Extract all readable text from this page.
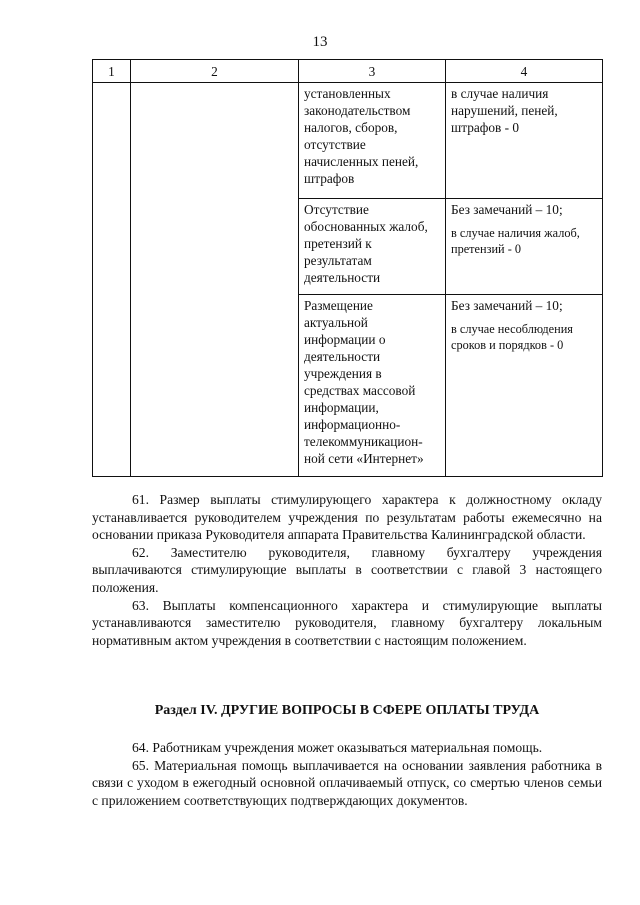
13
1	2	3	4
		установленных законодательством налогов, сборов, отсутствие начисленных пеней, штрафов	в случае наличия нарушений, пеней, штрафов - 0
		Отсутствие обоснованных жалоб, претензий к результатам деятельности	Без замечаний – 10;
в случае наличия жалоб, претензий - 0

		Размещение актуальной информации о деятельности учреждения в средствах массовой информации, информационно-телекоммуникацион-ной сети «Интернет»	Без замечаний – 10;
в случае несоблюдения сроков и порядков - 0

61. Размер выплаты стимулирующего характера к должностному окладу устанавливается руководителем учреждения по результатам работы ежемесячно на основании приказа Руководителя аппарата Правительства Калининградской области.

62. Заместителю руководителя, главному бухгалтеру учреждения выплачиваются стимулирующие выплаты в соответствии с главой 3 настоящего положения.

63. Выплаты компенсационного характера и стимулирующие выплаты устанавливаются заместителю руководителя, главному бухгалтеру локальным нормативным актом учреждения в соответствии с настоящим положением.

Раздел IV. ДРУГИЕ ВОПРОСЫ В СФЕРЕ ОПЛАТЫ ТРУДА

64. Работникам учреждения может оказываться материальная помощь.

65. Материальная помощь выплачивается на основании заявления работника в связи с уходом в ежегодный основной оплачиваемый отпуск, со смертью членов семьи с приложением соответствующих подтверждающих документов.
